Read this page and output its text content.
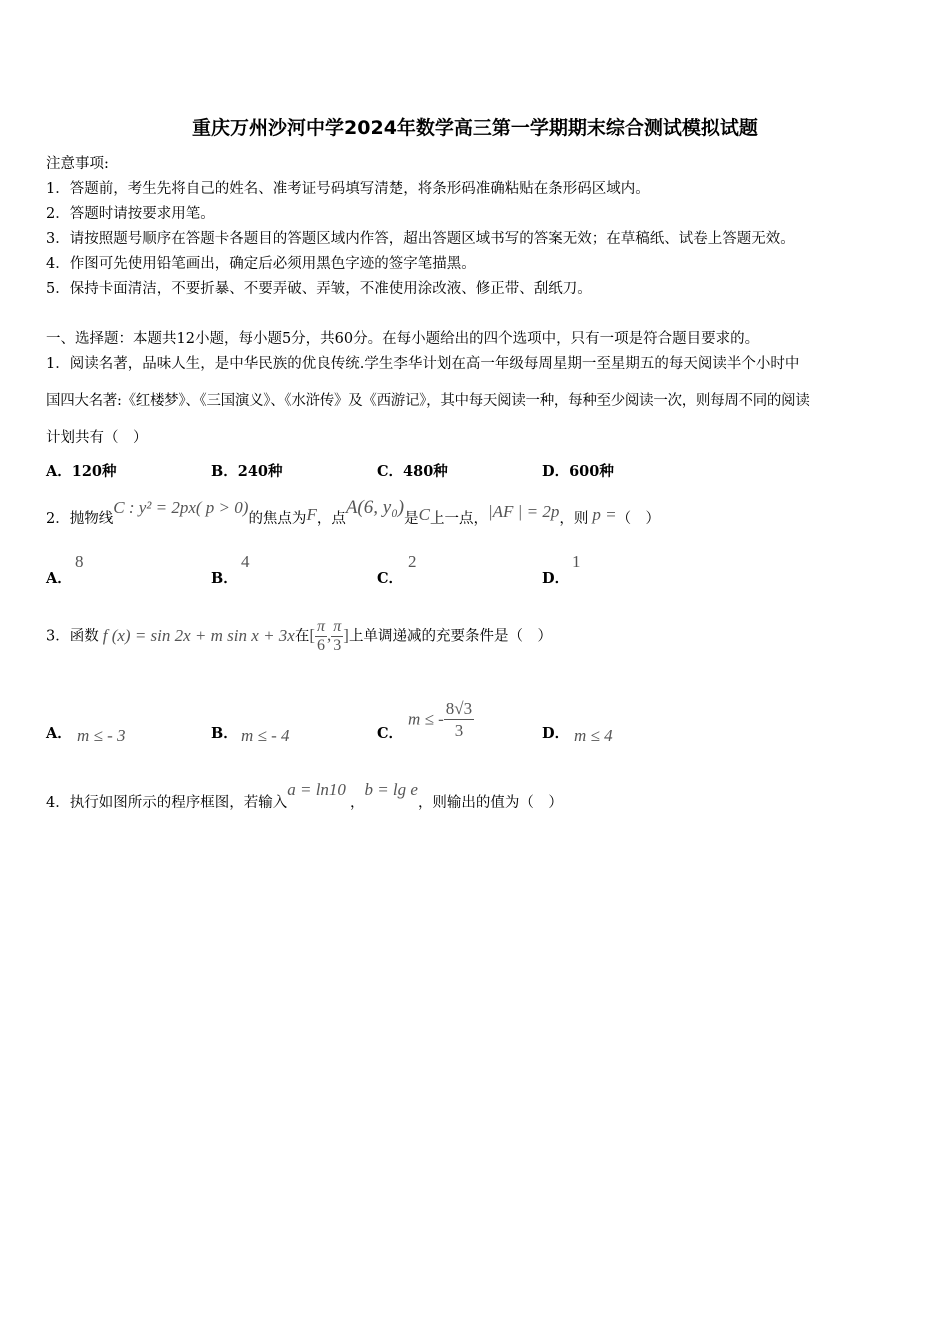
重庆万州沙河中学2024年数学高三第一学期期末综合测试模拟试题
注意事项:
1．答题前，考生先将自己的姓名、准考证号码填写清楚，将条形码准确粘贴在条形码区域内。
2．答题时请按要求用笔。
3．请按照题号顺序在答题卡各题目的答题区域内作答，超出答题区域书写的答案无效；在草稿纸、试卷上答题无效。
4．作图可先使用铅笔画出，确定后必须用黑色字迹的签字笔描黑。
5．保持卡面清洁，不要折暴、不要弄破、弄皱，不准使用涂改液、修正带、刮纸刀。
一、选择题：本题共12小题，每小题5分，共60分。在每小题给出的四个选项中，只有一项是符合题目要求的。
1．阅读名著，品味人生，是中华民族的优良传统.学生李华计划在高一年级每周星期一至星期五的每天阅读半个小时中
国四大名著:《红楼梦》、《三国演义》、《水浒传》及《西游记》，其中每天阅读一种，每种至少阅读一次，则每周不同的阅读
计划共有（　）
A．120种	B．240种	C．480种	D．600种
2．抛物线C : y² = 2px( p > 0)的焦点为F，点A(6, y₀)是C上一点，|AF | = 2p，则 p =（　）
A．
8
B．
4
C．
2
D．
1
3．函数 f (x) = sin 2x + m sin x + 3x在[ $\frac{\pi}{6}$ , $\frac{\pi}{3}$ ]上单调递减的充要条件是（　）
A． m ≤ - 3	B． m ≤ - 4	C．
m ≤ - $\frac{8√3}{3}$	D． m ≤ 4
4．执行如图所示的程序框图，若输入a = ln10，b = lg e，则输出的值为（　）
